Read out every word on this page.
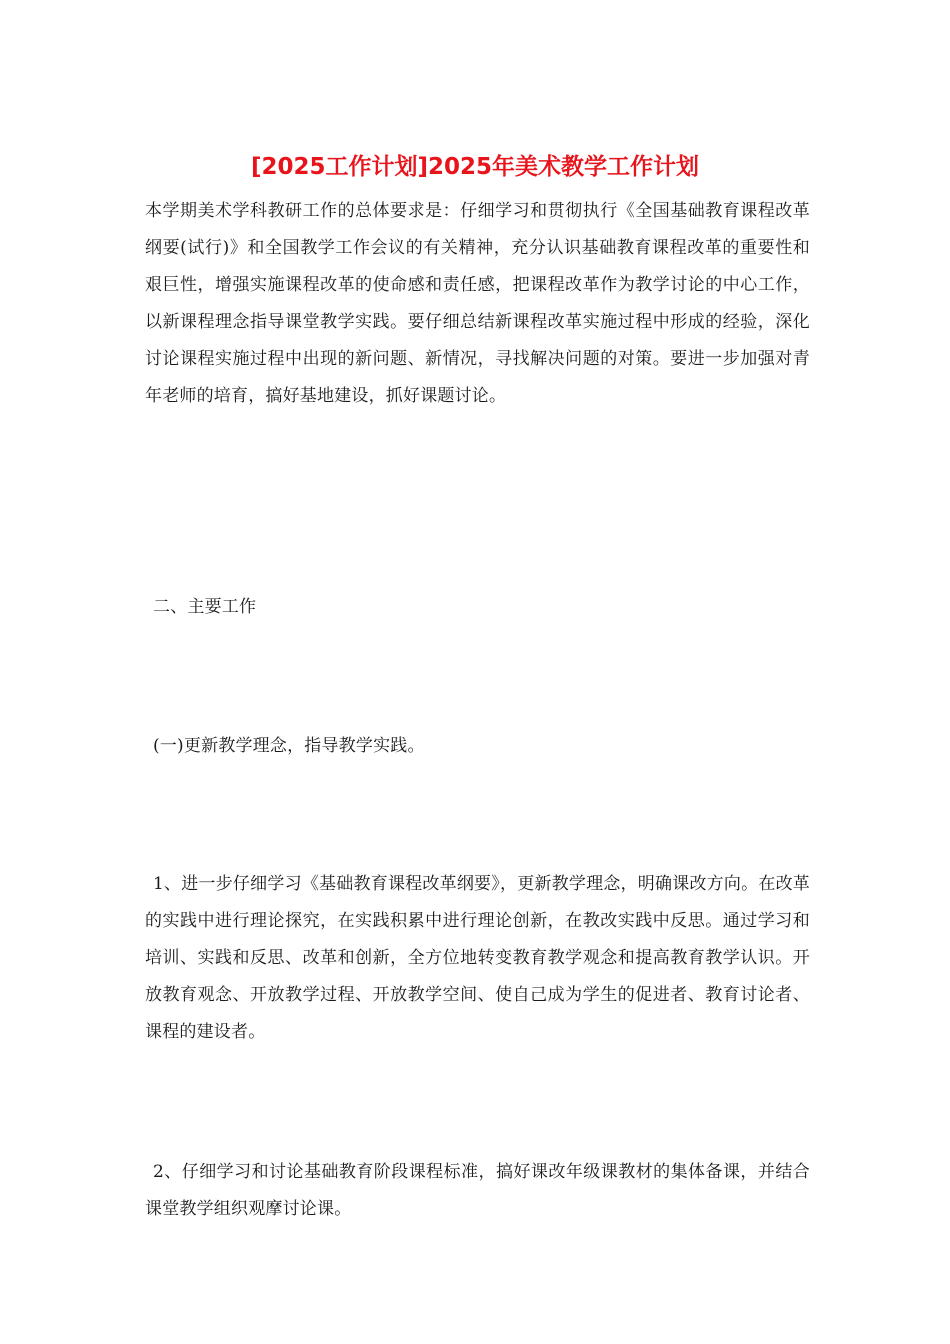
[2025工作计划]2025年美术教学工作计划

本学期美术学科教研工作的总体要求是：仔细学习和贯彻执行《全国基础教育课程改革纲要(试行)》和全国教学工作会议的有关精神，充分认识基础教育课程改革的重要性和艰巨性，增强实施课程改革的使命感和责任感，把课程改革作为教学讨论的中心工作，以新课程理念指导课堂教学实践。要仔细总结新课程改革实施过程中形成的经验，深化讨论课程实施过程中出现的新问题、新情况，寻找解决问题的对策。要进一步加强对青年老师的培育，搞好基地建设，抓好课题讨论。

二、主要工作

(一)更新教学理念，指导教学实践。

1、进一步仔细学习《基础教育课程改革纲要》，更新教学理念，明确课改方向。在改革的实践中进行理论探究，在实践积累中进行理论创新，在教改实践中反思。通过学习和培训、实践和反思、改革和创新，全方位地转变教育教学观念和提高教育教学认识。开放教育观念、开放教学过程、开放教学空间、使自己成为学生的促进者、教育讨论者、课程的建设者。

2、仔细学习和讨论基础教育阶段课程标准，搞好课改年级课教材的集体备课，并结合课堂教学组织观摩讨论课。
